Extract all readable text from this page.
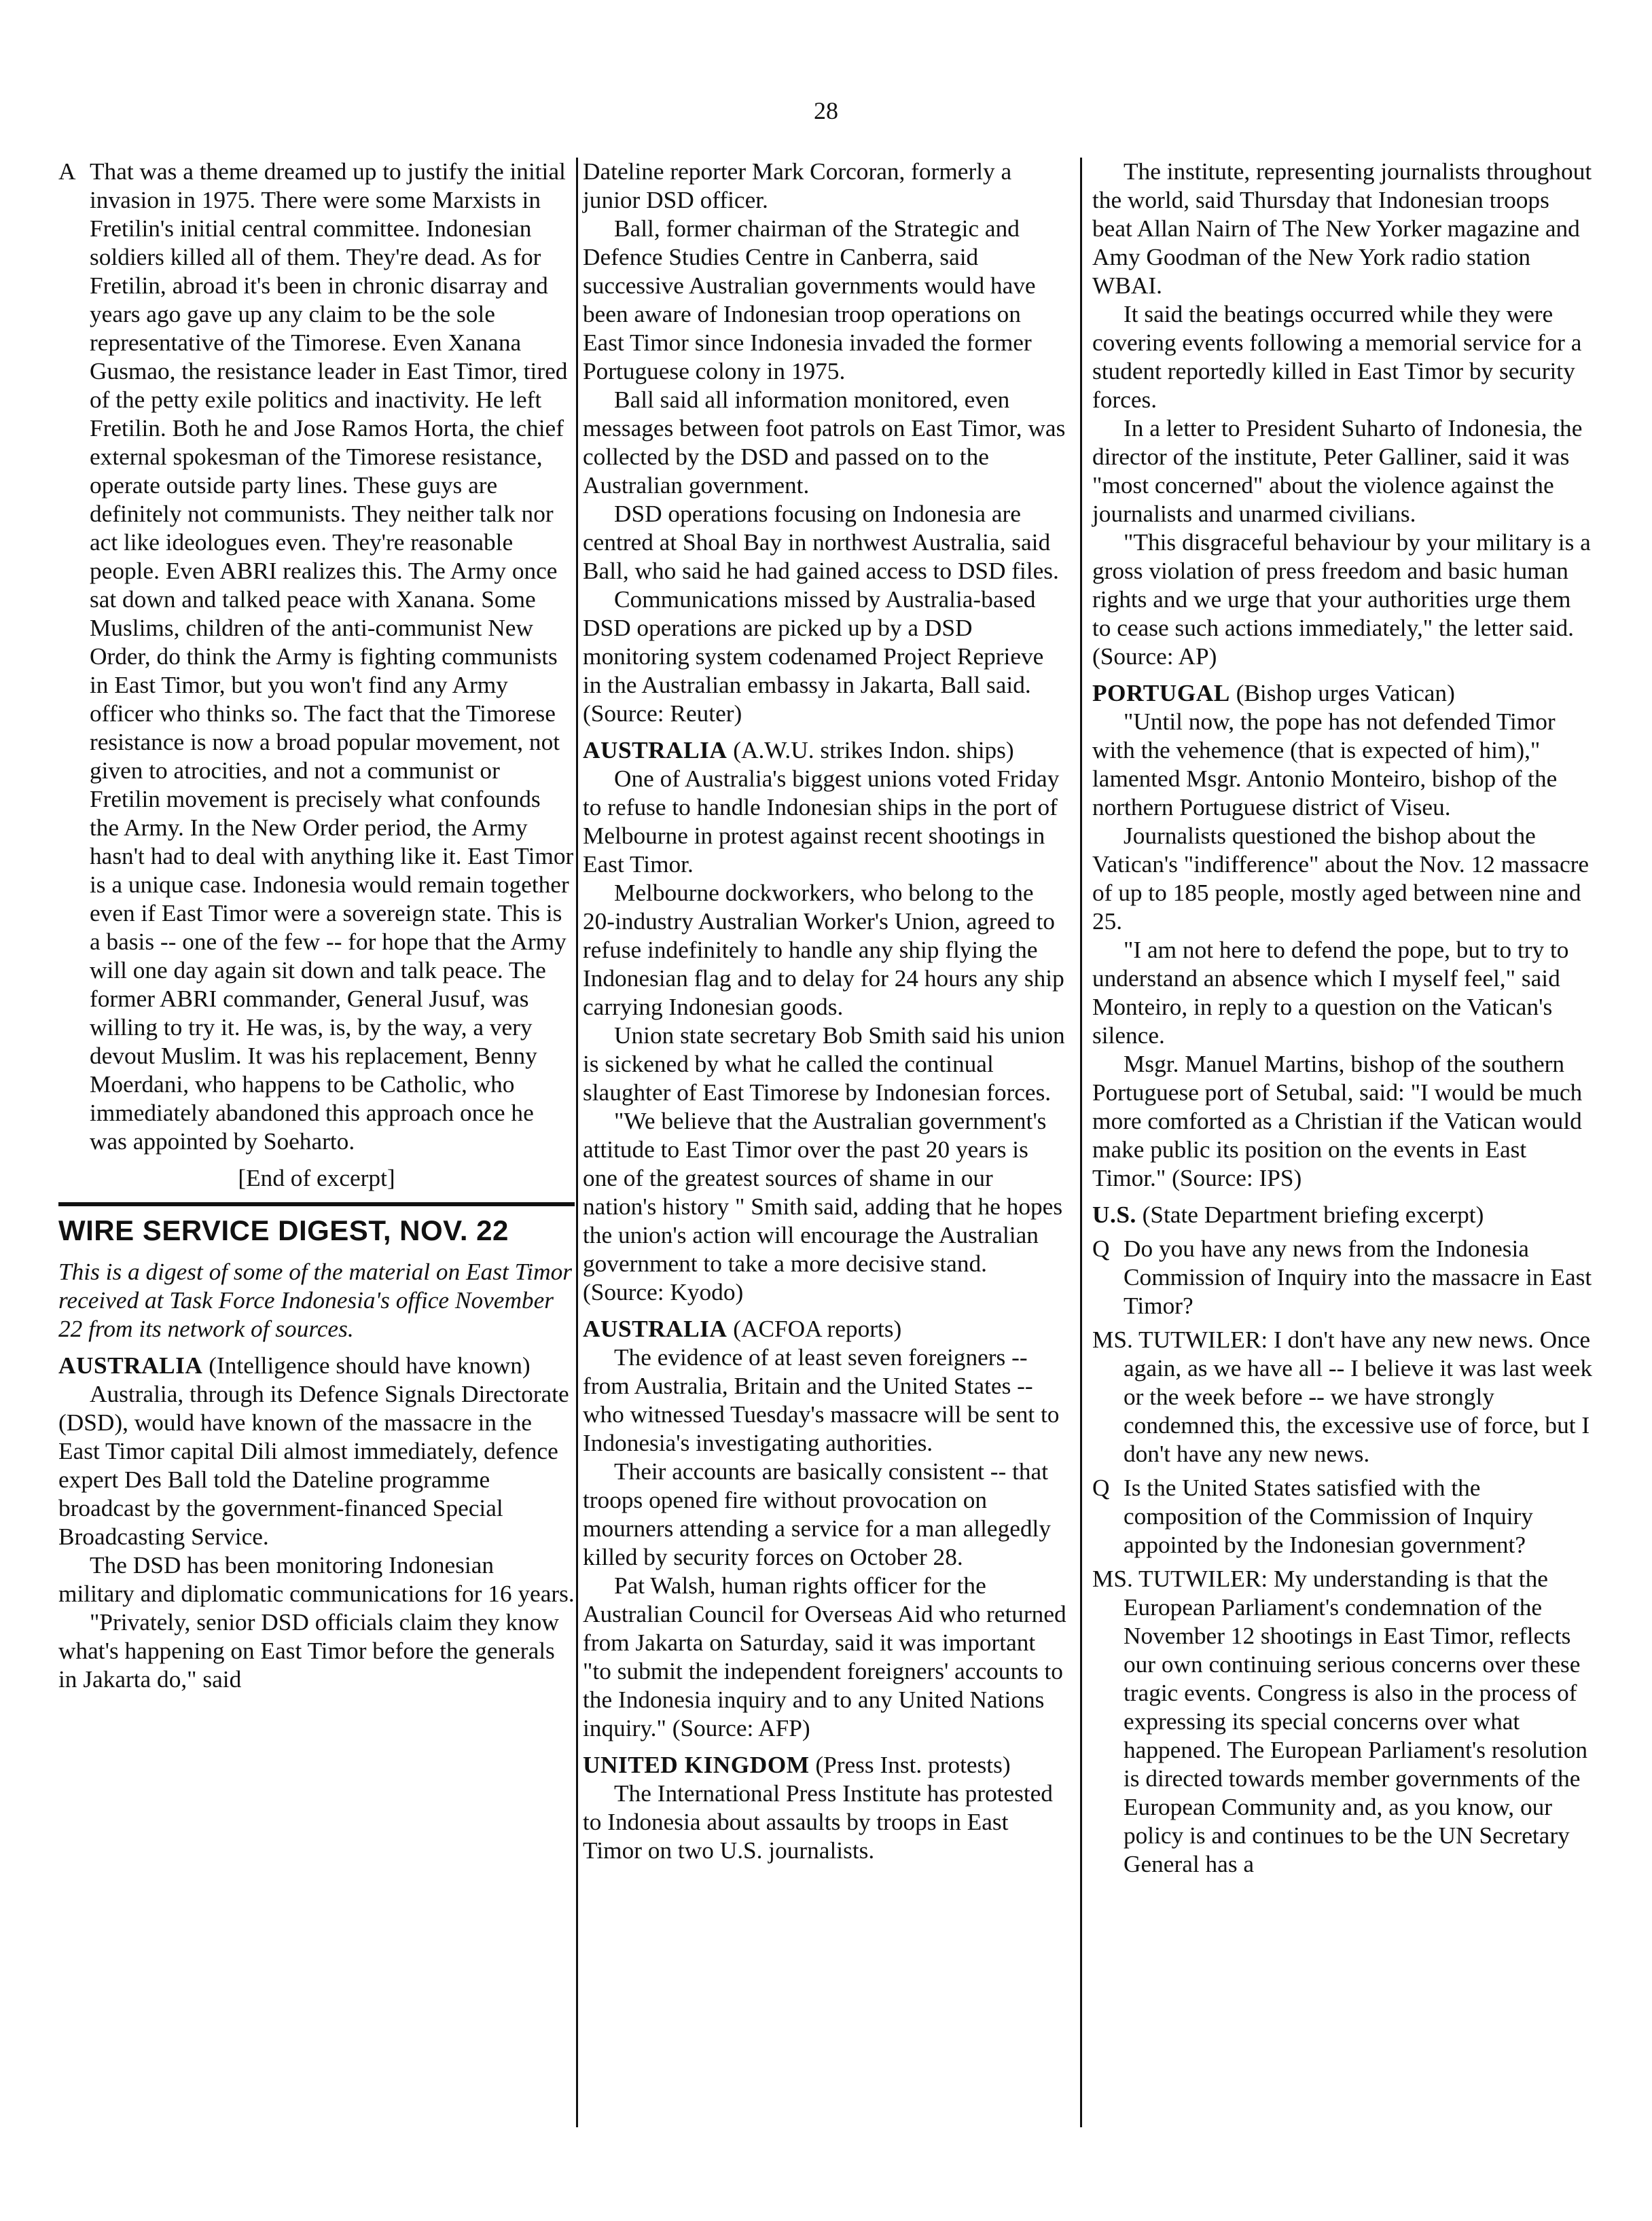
28

A That was a theme dreamed up to justify the initial invasion in 1975. There were some Marxists in Fretilin's initial central committee. Indonesian soldiers killed all of them. They're dead. As for Fretilin, abroad it's been in chronic disarray and years ago gave up any claim to be the sole representative of the Timorese. Even Xanana Gusmao, the resistance leader in East Timor, tired of the petty exile politics and inactivity. He left Fretilin. Both he and Jose Ramos Horta, the chief external spokesman of the Timorese resistance, operate outside party lines. These guys are definitely not communists. They neither talk nor act like ideologues even. They're reasonable people. Even ABRI realizes this. The Army once sat down and talked peace with Xanana. Some Muslims, children of the anti-communist New Order, do think the Army is fighting communists in East Timor, but you won't find any Army officer who thinks so. The fact that the Timorese resistance is now a broad popular movement, not given to atrocities, and not a communist or Fretilin movement is precisely what confounds the Army. In the New Order period, the Army hasn't had to deal with anything like it. East Timor is a unique case. Indonesia would remain together even if East Timor were a sovereign state. This is a basis -- one of the few -- for hope that the Army will one day again sit down and talk peace. The former ABRI commander, General Jusuf, was willing to try it. He was, is, by the way, a very devout Muslim. It was his replacement, Benny Moerdani, who happens to be Catholic, who immediately abandoned this approach once he was appointed by Soeharto.

[End of excerpt]

WIRE SERVICE DIGEST, NOV. 22

This is a digest of some of the material on East Timor received at Task Force Indonesia's office November 22 from its network of sources.

AUSTRALIA (Intelligence should have known)

Australia, through its Defence Signals Directorate (DSD), would have known of the massacre in the East Timor capital Dili almost immediately, defence expert Des Ball told the Dateline programme broadcast by the government-financed Special Broadcasting Service.

The DSD has been monitoring Indonesian military and diplomatic communications for 16 years.

"Privately, senior DSD officials claim they know what's happening on East Timor before the generals in Jakarta do," said

Dateline reporter Mark Corcoran, formerly a junior DSD officer.

Ball, former chairman of the Strategic and Defence Studies Centre in Canberra, said successive Australian governments would have been aware of Indonesian troop operations on East Timor since Indonesia invaded the former Portuguese colony in 1975.

Ball said all information monitored, even messages between foot patrols on East Timor, was collected by the DSD and passed on to the Australian government.

DSD operations focusing on Indonesia are centred at Shoal Bay in northwest Australia, said Ball, who said he had gained access to DSD files.

Communications missed by Australia-based DSD operations are picked up by a DSD monitoring system codenamed Project Reprieve in the Australian embassy in Jakarta, Ball said. (Source: Reuter)

AUSTRALIA (A.W.U. strikes Indon. ships)

One of Australia's biggest unions voted Friday to refuse to handle Indonesian ships in the port of Melbourne in protest against recent shootings in East Timor.

Melbourne dockworkers, who belong to the 20-industry Australian Worker's Union, agreed to refuse indefinitely to handle any ship flying the Indonesian flag and to delay for 24 hours any ship carrying Indonesian goods.

Union state secretary Bob Smith said his union is sickened by what he called the continual slaughter of East Timorese by Indonesian forces.

"We believe that the Australian government's attitude to East Timor over the past 20 years is one of the greatest sources of shame in our nation's history " Smith said, adding that he hopes the union's action will encourage the Australian government to take a more decisive stand. (Source: Kyodo)

AUSTRALIA (ACFOA reports)

The evidence of at least seven foreigners -- from Australia, Britain and the United States -- who witnessed Tuesday's massacre will be sent to Indonesia's investigating authorities.

Their accounts are basically consistent -- that troops opened fire without provocation on mourners attending a service for a man allegedly killed by security forces on October 28.

Pat Walsh, human rights officer for the Australian Council for Overseas Aid who returned from Jakarta on Saturday, said it was important "to submit the independent foreigners' accounts to the Indonesia inquiry and to any United Nations inquiry." (Source: AFP)

UNITED KINGDOM (Press Inst. protests)

The International Press Institute has protested to Indonesia about assaults by troops in East Timor on two U.S. journalists.

The institute, representing journalists throughout the world, said Thursday that Indonesian troops beat Allan Nairn of The New Yorker magazine and Amy Goodman of the New York radio station WBAI.

It said the beatings occurred while they were covering events following a memorial service for a student reportedly killed in East Timor by security forces.

In a letter to President Suharto of Indonesia, the director of the institute, Peter Galliner, said it was "most concerned" about the violence against the journalists and unarmed civilians.

"This disgraceful behaviour by your military is a gross violation of press freedom and basic human rights and we urge that your authorities urge them to cease such actions immediately," the letter said. (Source: AP)

PORTUGAL (Bishop urges Vatican)

"Until now, the pope has not defended Timor with the vehemence (that is expected of him)," lamented Msgr. Antonio Monteiro, bishop of the northern Portuguese district of Viseu.

Journalists questioned the bishop about the Vatican's "indifference" about the Nov. 12 massacre of up to 185 people, mostly aged between nine and 25.

"I am not here to defend the pope, but to try to understand an absence which I myself feel," said Monteiro, in reply to a question on the Vatican's silence.

Msgr. Manuel Martins, bishop of the southern Portuguese port of Setubal, said: "I would be much more comforted as a Christian if the Vatican would make public its position on the events in East Timor." (Source: IPS)

U.S. (State Department briefing excerpt)

Q Do you have any news from the Indonesia Commission of Inquiry into the massacre in East Timor?

MS. TUTWILER: I don't have any new news. Once again, as we have all -- I believe it was last week or the week before -- we have strongly condemned this, the excessive use of force, but I don't have any new news.

Q Is the United States satisfied with the composition of the Commission of Inquiry appointed by the Indonesian government?

MS. TUTWILER: My understanding is that the European Parliament's condemnation of the November 12 shootings in East Timor, reflects our own continuing serious concerns over these tragic events. Congress is also in the process of expressing its special concerns over what happened. The European Parliament's resolution is directed towards member governments of the European Community and, as you know, our policy is and continues to be the UN Secretary General has a
